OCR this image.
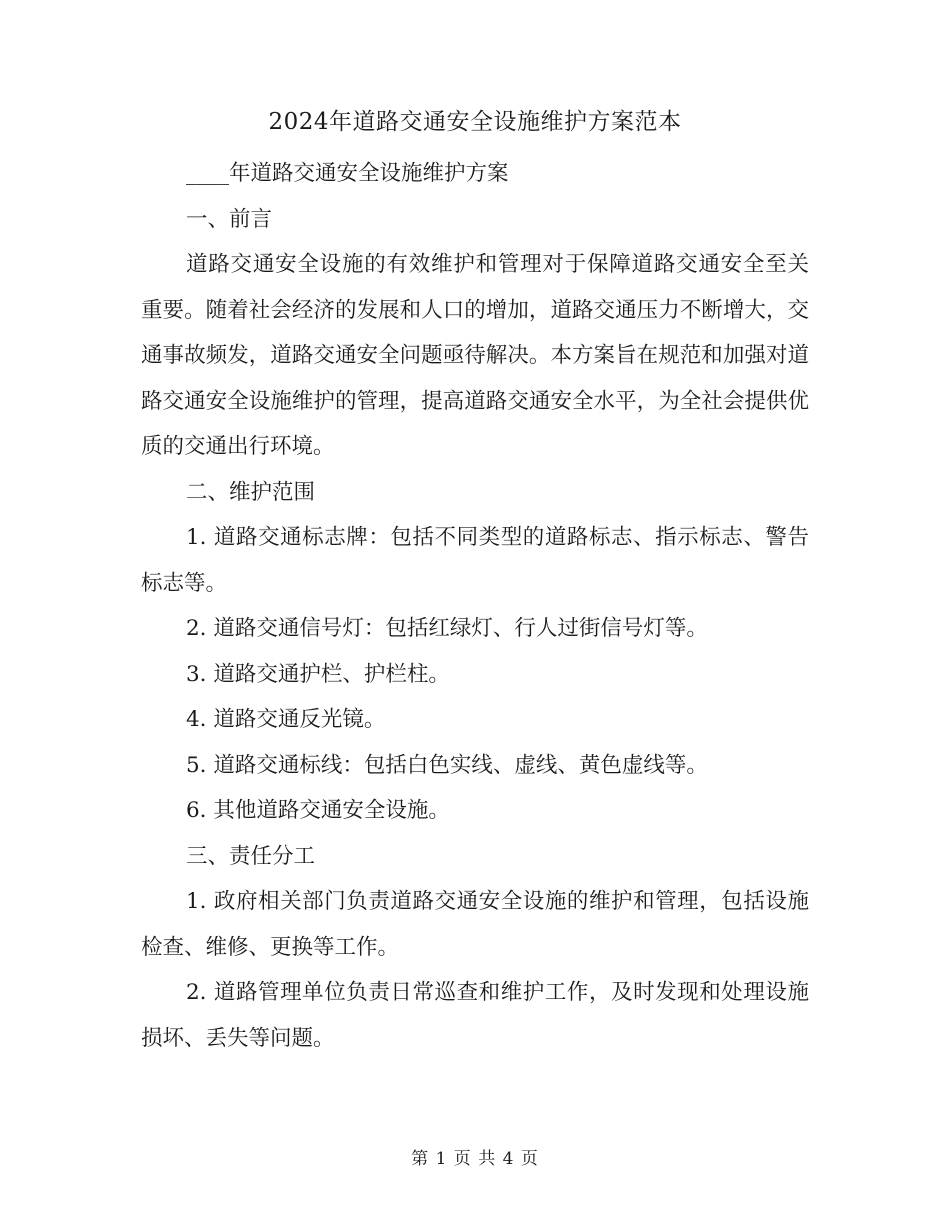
2024年道路交通安全设施维护方案范本

____年道路交通安全设施维护方案

一、前言

道路交通安全设施的有效维护和管理对于保障道路交通安全至关重要。随着社会经济的发展和人口的增加，道路交通压力不断增大，交通事故频发，道路交通安全问题亟待解决。本方案旨在规范和加强对道路交通安全设施维护的管理，提高道路交通安全水平，为全社会提供优质的交通出行环境。

二、维护范围

1. 道路交通标志牌：包括不同类型的道路标志、指示标志、警告标志等。

2. 道路交通信号灯：包括红绿灯、行人过街信号灯等。

3. 道路交通护栏、护栏柱。

4. 道路交通反光镜。

5. 道路交通标线：包括白色实线、虚线、黄色虚线等。

6. 其他道路交通安全设施。

三、责任分工

1. 政府相关部门负责道路交通安全设施的维护和管理，包括设施检查、维修、更换等工作。

2. 道路管理单位负责日常巡查和维护工作，及时发现和处理设施损坏、丢失等问题。

第 1 页 共 4 页
